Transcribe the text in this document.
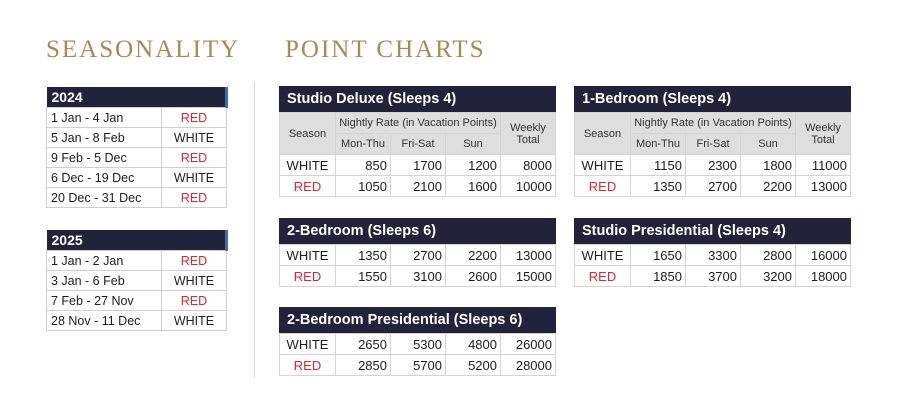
SEASONALITY POINT CHARTS
2024	
1 Jan - 4 Jan	RED
5 Jan - 8 Feb	WHITE
9 Feb - 5 Dec	RED
6 Dec - 19 Dec	WHITE
20 Dec - 31 Dec	RED
2025	
1 Jan - 2 Jan	RED
3 Jan - 6 Feb	WHITE
7 Feb - 27 Nov	RED
28 Nov - 11 Dec	WHITE
Studio Deluxe (Sleeps 4)
Season	Nightly Rate (in Vacation Points)			Weekly Total
	Mon-Thu	Fri-Sat	Sun	
WHITE	850	1700	1200	8000
RED	1050	2100	1600	10000
1-Bedroom (Sleeps 4)
Season	Nightly Rate (in Vacation Points)			Weekly Total
	Mon-Thu	Fri-Sat	Sun	
WHITE	1150	2300	1800	11000
RED	1350	2700	2200	13000
2-Bedroom (Sleeps 6)
WHITE	1350	2700	2200	13000
RED	1550	3100	2600	15000
Studio Presidential (Sleeps 4)
WHITE	1650	3300	2800	16000
RED	1850	3700	3200	18000
2-Bedroom Presidential (Sleeps 6)
WHITE	2650	5300	4800	26000
RED	2850	5700	5200	28000
